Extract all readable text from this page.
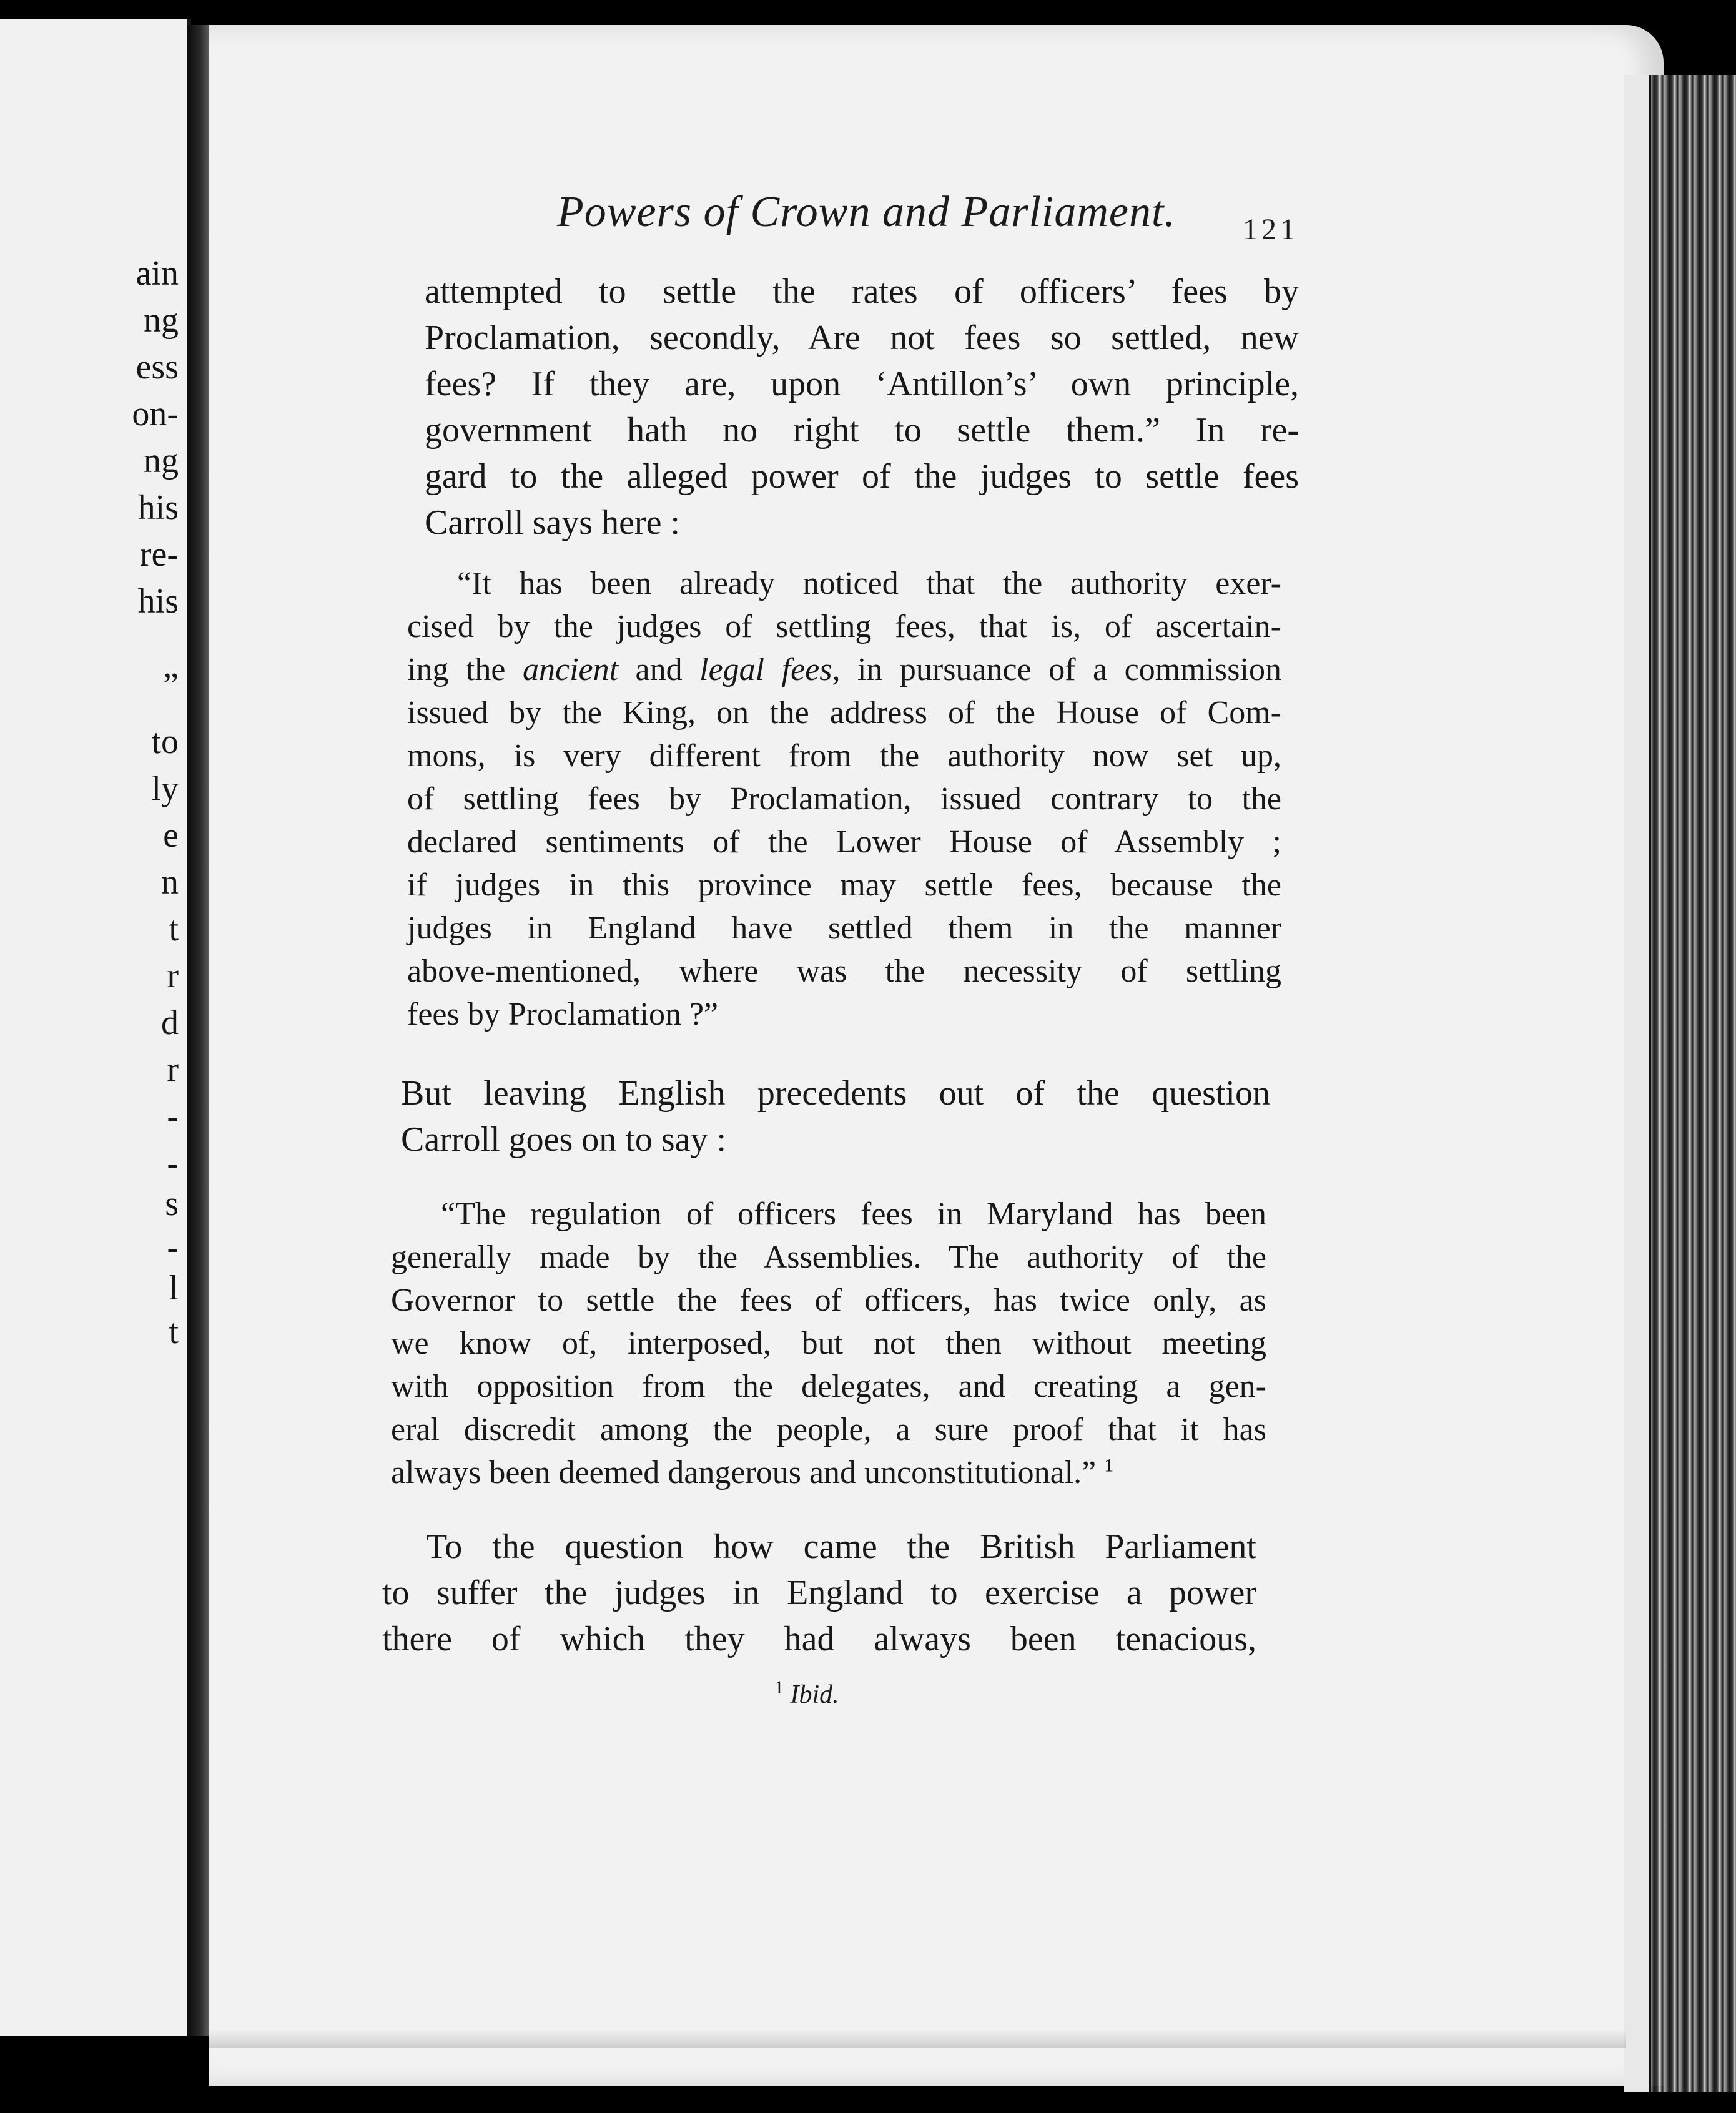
ain
ng
ess
on-
ng
his
re-
his
”
to
ly
e
n
t
r
d
r
-
-
s
-
l
t
Powers of Crown and Parliament. 121
attempted to settle the rates of officers’ fees by
Proclamation, secondly, Are not fees so settled, new
fees? If they are, upon ‘Antillon’s’ own principle,
government hath no right to settle them.” In re-
gard to the alleged power of the judges to settle fees
Carroll says here :
“It has been already noticed that the authority exer-
cised by the judges of settling fees, that is, of ascertain-
ing the ancient and legal fees, in pursuance of a commission
issued by the King, on the address of the House of Com-
mons, is very different from the authority now set up,
of settling fees by Proclamation, issued contrary to the
declared sentiments of the Lower House of Assembly ;
if judges in this province may settle fees, because the
judges in England have settled them in the manner
above-mentioned, where was the necessity of settling
fees by Proclamation ?”
But leaving English precedents out of the question
Carroll goes on to say :
“The regulation of officers fees in Maryland has been
generally made by the Assemblies. The authority of the
Governor to settle the fees of officers, has twice only, as
we know of, interposed, but not then without meeting
with opposition from the delegates, and creating a gen-
eral discredit among the people, a sure proof that it has
always been deemed dangerous and unconstitutional.” $^1$
To the question how came the British Parliament
to suffer the judges in England to exercise a power
there of which they had always been tenacious,
$^1$ Ibid.
